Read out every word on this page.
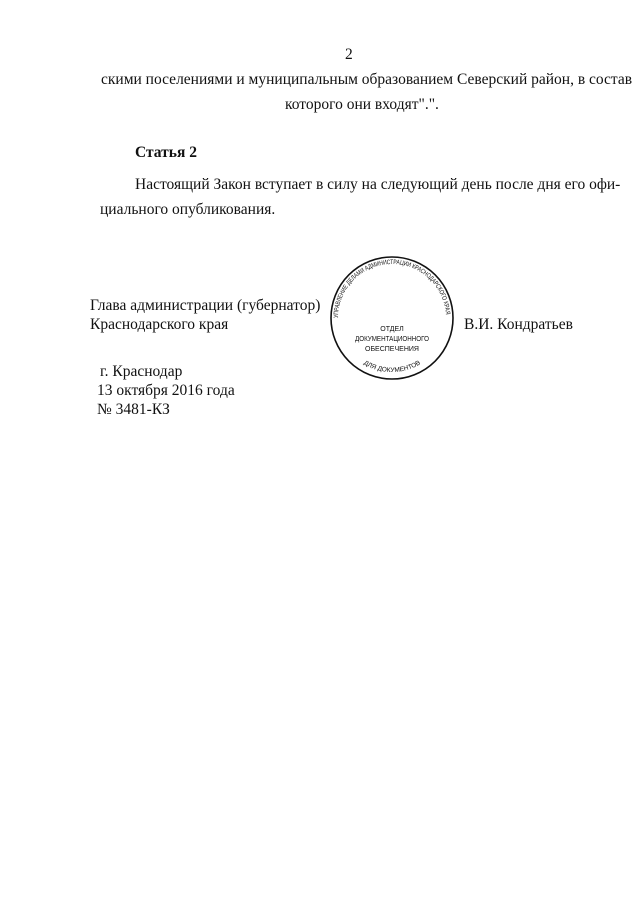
2
скими поселениями и муниципальным образованием Северский район, в состав
которого они входят".".
Статья 2
Настоящий Закон вступает в силу на следующий день после дня его офи-
циального опубликования.
Глава администрации (губернатор)
Краснодарского края	В.И. Кондратьев
УПРАВЛЕНИЕ ДЕЛАМИ АДМИНИСТРАЦИИ КРАСНОДАРСКОГО КРАЯ
ДЛЯ ДОКУМЕНТОВ
ОТДЕЛ
ДОКУМЕНТАЦИОННОГО
ОБЕСПЕЧЕНИЯ
г. Краснодар
13 октября 2016 года
№ 3481-КЗ
